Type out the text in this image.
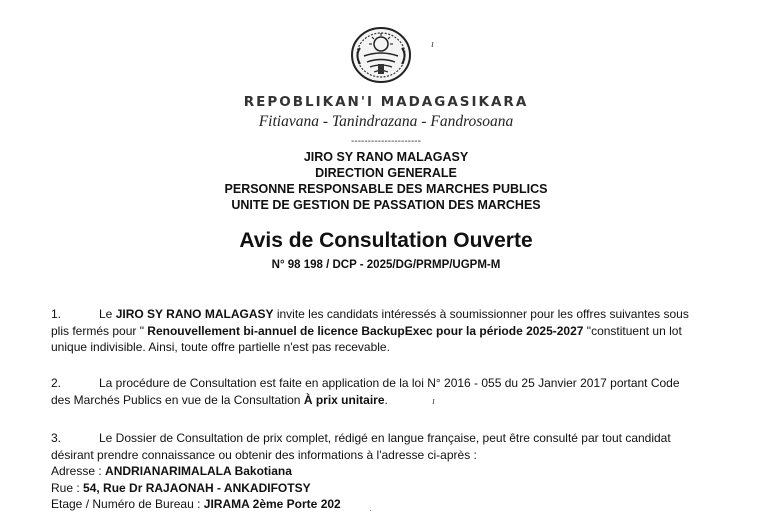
ı
REPOBLIKAN'I MADAGASIKARA
Fitiavana - Tanindrazana - Fandrosoana
---------------------
JIRO SY RANO MALAGASY
DIRECTION GENERALE
PERSONNE RESPONSABLE DES MARCHES PUBLICS
UNITE DE GESTION DE PASSATION DES MARCHES
Avis de Consultation Ouverte
N° 98 198 / DCP - 2025/DG/PRMP/UGPM-M
1.	Le JIRO SY RANO MALAGASY invite les candidats intéressés à soumissionner pour les offres suivantes sous
plis fermés pour " Renouvellement bi-annuel de licence BackupExec pour la période 2025-2027 "constituent un lot
unique indivisible. Ainsi, toute offre partielle n'est pas recevable.
2.	La procédure de Consultation est faite en application de la loi N° 2016 - 055 du 25 Janvier 2017 portant Code
des Marchés Publics en vue de la Consultation À prix unitaire.	ı
3.	Le Dossier de Consultation de prix complet, rédigé en langue française, peut être consulté par tout candidat
désirant prendre connaissance ou obtenir des informations à l'adresse ci-après :
Adresse : ANDRIANARIMALALA Bakotiana
Rue : 54, Rue Dr RAJAONAH - ANKADIFOTSY
Etage / Numéro de Bureau : JIRAMA 2ème Porte 202	·
